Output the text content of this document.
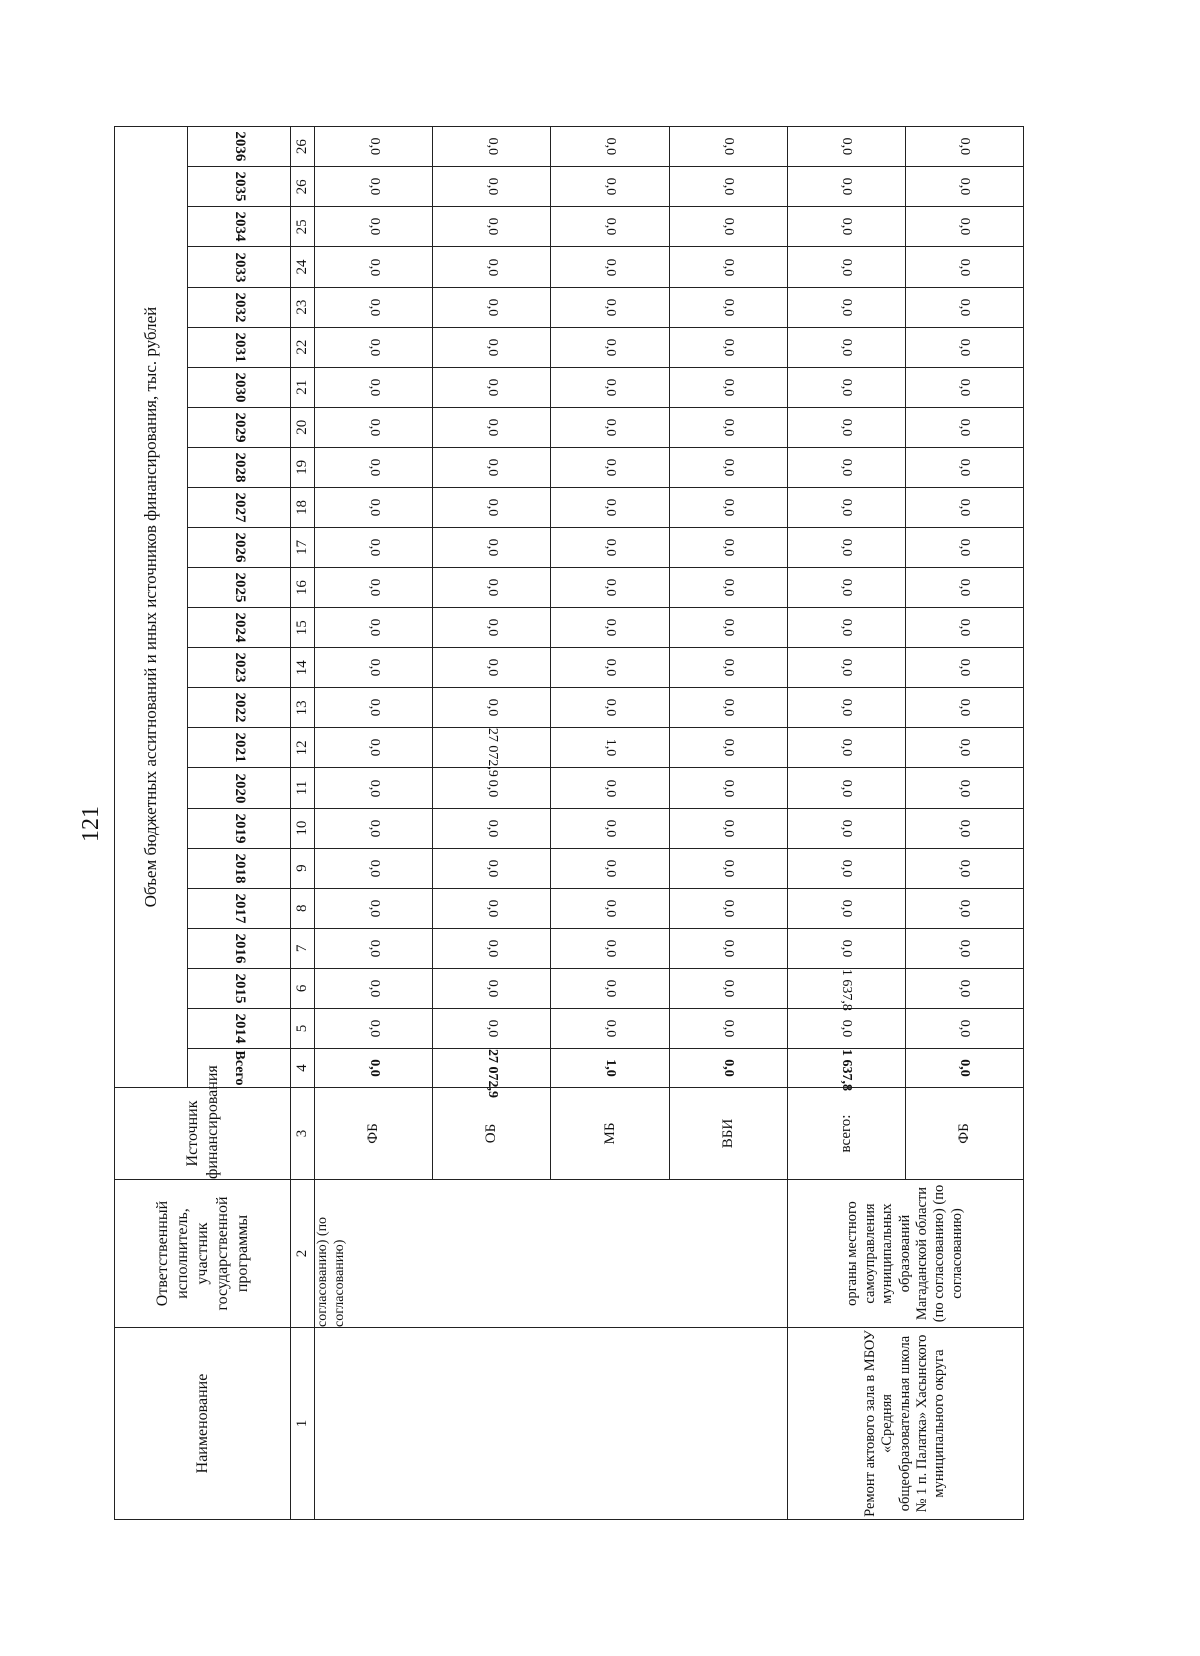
121
Наименование	Ответственный исполнитель, участник государственной программы	Источник финансирования	Объем бюджетных ассигнований и иных источников финансирования, тыс. рублей																							

			Всего	2014	2015	2016	2017	2018	2019	2020	2021	2022	2023	2024	2025	2026	2027	2028	2029	2030	2031	2032	2033	2034	2035	2036

1	2	3	4	5	6	7	8	9	10	11	12	13	14	15	16	17	18	19	20	21	22	23	24	25	26	26
	согласованию) (по согласованию)	ФБ	0,0	0,0	0,0	0,0	0,0	0,0	0,0	0,0	0,0	0,0	0,0	0,0	0,0	0,0	0,0	0,0	0,0	0,0	0,0	0,0	0,0	0,0	0,0	0,0

		ОБ	27 072,9	0,0	0,0	0,0	0,0	0,0	0,0	0,0	27 072,9	0,0	0,0	0,0	0,0	0,0	0,0	0,0	0,0	0,0	0,0	0,0	0,0	0,0	0,0	0,0

		МБ	1,0	0,0	0,0	0,0	0,0	0,0	0,0	0,0	1,0	0,0	0,0	0,0	0,0	0,0	0,0	0,0	0,0	0,0	0,0	0,0	0,0	0,0	0,0	0,0

		ВБИ	0,0	0,0	0,0	0,0	0,0	0,0	0,0	0,0	0,0	0,0	0,0	0,0	0,0	0,0	0,0	0,0	0,0	0,0	0,0	0,0	0,0	0,0	0,0	0,0

Ремонт актового зала в МБОУ «Средняя общеобразовательная школа № 1 п. Палатка» Хасынского муниципального округа	органы местного самоуправления муниципальных образований Магаданской области (по согласованию) (по согласованию)	всего:	1 637,8	0,0	1 637,8	0,0	0,0	0,0	0,0	0,0	0,0	0,0	0,0	0,0	0,0	0,0	0,0	0,0	0,0	0,0	0,0	0,0	0,0	0,0	0,0	0,0

		ФБ	0,0	0,0	0,0	0,0	0,0	0,0	0,0	0,0	0,0	0,0	0,0	0,0	0,0	0,0	0,0	0,0	0,0	0,0	0,0	0,0	0,0	0,0	0,0	0,0
